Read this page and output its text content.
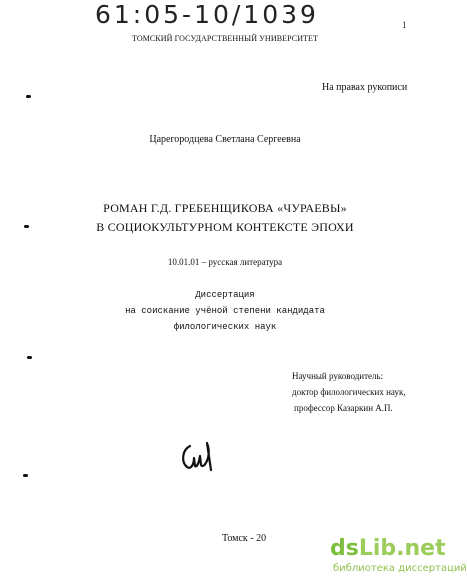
61:05-10/1039	1
ТОМСКИЙ ГОСУДАРСТВЕННЫЙ УНИВЕРСИТЕТ
На правах рукописи
Царегородцева Светлана Сергеевна
РОМАН Г.Д. ГРЕБЕНЩИКОВА «ЧУРАЕВЫ»
В СОЦИОКУЛЬТУРНОМ КОНТЕКСТЕ ЭПОХИ
10.01.01 – русская литература
Диссертация
на соискание учёной степени кандидата
филологических наук
Научный руководитель:
доктор филологических наук,
профессор Казаркин А.П.
Томск - 20	dsLib.net
библиотека диссертаций
